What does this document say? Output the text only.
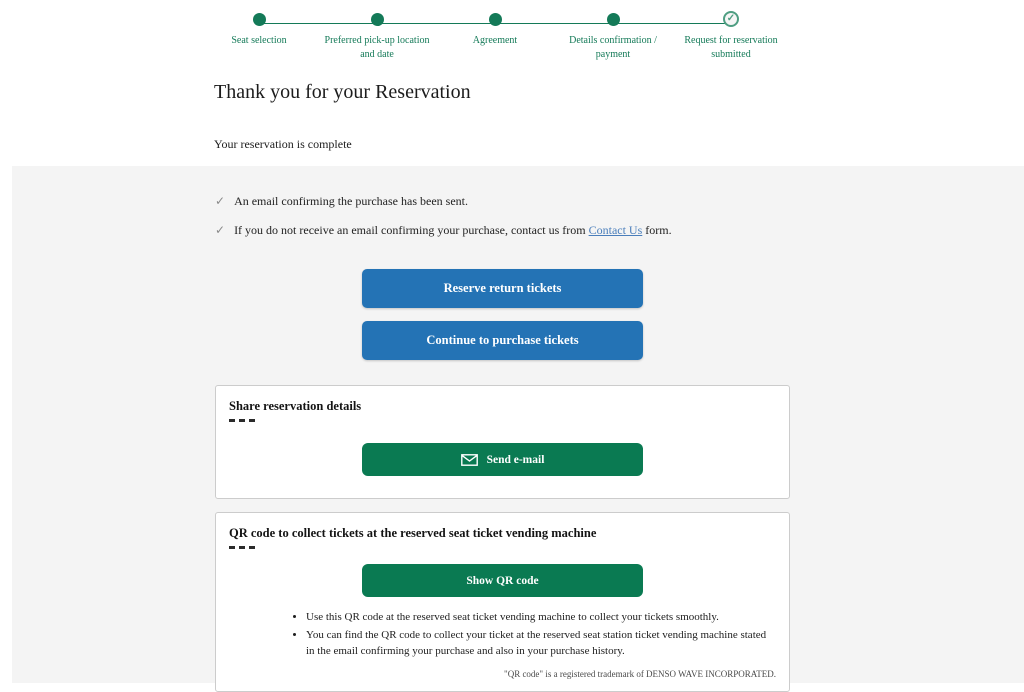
Seat selection	Preferred pick-up location and date
Agreement	Details confirmation / payment
✓
Request for reservation submitted
Thank you for your Reservation
Your reservation is complete
✓ An email confirming the purchase has been sent.
✓ If you do not receive an email confirming your purchase, contact us from Contact Us form.
Reserve return tickets
Continue to purchase tickets
Share reservation details
Send e-mail
QR code to collect tickets at the reserved seat ticket vending machine
Show QR code
• Use this QR code at the reserved seat ticket vending machine to collect your tickets smoothly.
• You can find the QR code to collect your ticket at the reserved seat station ticket vending machine stated in the email confirming your purchase and also in your purchase history.
"QR code" is a registered trademark of DENSO WAVE INCORPORATED.
